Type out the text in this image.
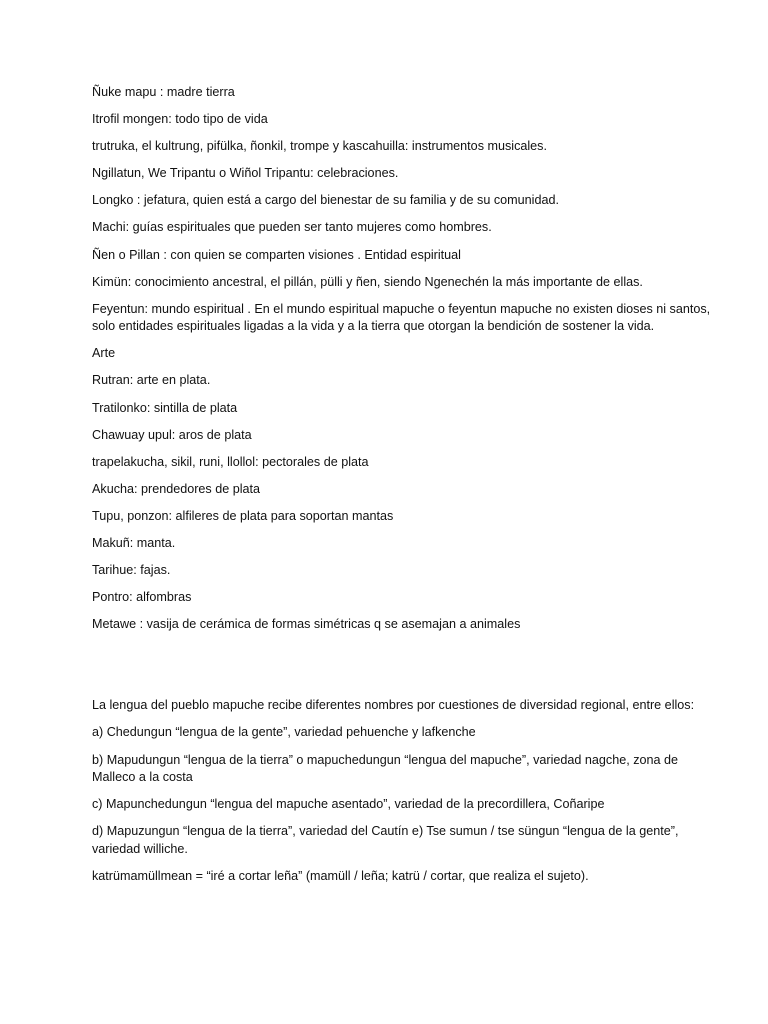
Ñuke mapu : madre tierra

Itrofil mongen: todo tipo de vida

trutruka, el kultrung, pifülka, ñonkil, trompe y kascahuilla: instrumentos musicales.

Ngillatun, We Tripantu o Wiñol Tripantu: celebraciones.

Longko : jefatura, quien está a cargo del bienestar de su familia y de su comunidad.

Machi: guías espirituales que pueden ser tanto mujeres como hombres.

Ñen o Pillan : con quien se comparten visiones . Entidad espiritual

Kimün: conocimiento ancestral, el pillán, pülli y ñen, siendo Ngenechén la más importante de ellas.

Feyentun: mundo espiritual . En el mundo espiritual mapuche o feyentun mapuche no existen dioses ni santos, solo entidades espirituales ligadas a la vida y a la tierra que otorgan la bendición de sostener la vida.

Arte

Rutran: arte en plata.

Tratilonko: sintilla de plata

Chawuay upul: aros de plata

trapelakucha, sikil, runi, llollol: pectorales de plata

Akucha: prendedores de plata

Tupu, ponzon: alfileres de plata para soportan mantas

Makuñ: manta.

Tarihue: fajas.

Pontro: alfombras

Metawe : vasija de cerámica de formas simétricas q se asemajan a animales

La lengua del pueblo mapuche recibe diferentes nombres por cuestiones de diversidad regional, entre ellos:

a) Chedungun “lengua de la gente”, variedad pehuenche y lafkenche

b) Mapudungun “lengua de la tierra” o mapuchedungun “lengua del mapuche”, variedad nagche, zona de Malleco a la costa

c) Mapunchedungun “lengua del mapuche asentado”, variedad de la precordillera, Coñaripe

d) Mapuzungun “lengua de la tierra”, variedad del Cautín e) Tse sumun / tse süngun “lengua de la gente”, variedad williche.

katrümamüllmean = “iré a cortar leña” (mamüll / leña; katrü / cortar, que realiza el sujeto).
